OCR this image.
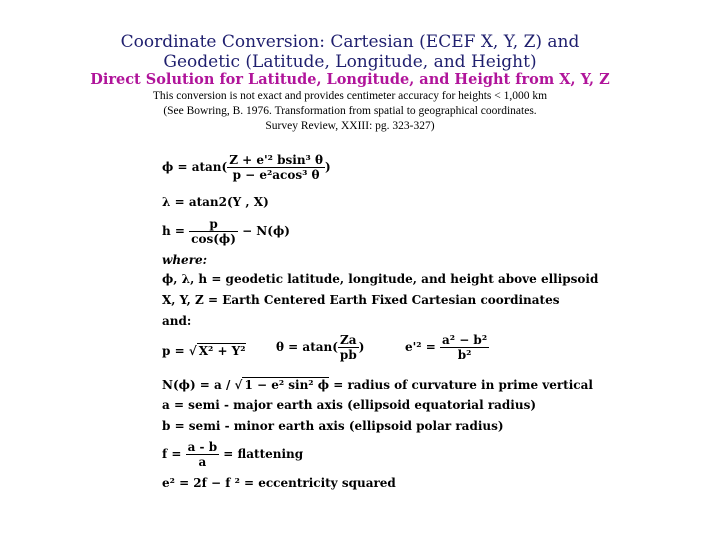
Coordinate Conversion: Cartesian (ECEF X, Y, Z) and
Geodetic (Latitude, Longitude, and Height)
Direct Solution for Latitude, Longitude, and Height from X, Y, Z
This conversion is not exact and provides centimeter accuracy for heights < 1,000 km
(See Bowring, B. 1976. Transformation from spatial to geographical coordinates.
Survey Review, XXIII: pg. 323-327)
$\phi = atan( \frac{\text{Z + e'² bsin³ θ}}{\text{p − e²acos³ θ}}$ )
λ = atan2(Y , X)
$h = \frac{p}{\cos(\phi)} - N(\phi)$
where:
ϕ, λ, h = geodetic latitude, longitude, and height above ellipsoid
X, Y, Z = Earth Centered Earth Fixed Cartesian coordinates
and:
p = √ X² + Y²	$\theta = atan( \frac{Za}{pb}$ )	$e'^2 = \frac{\text{a² − b²}}{\text{b²}}$
N(ϕ) = a / √ 1 − e² sin² ϕ = radius of curvature in prime vertical
a = semi - major earth axis (ellipsoid equatorial radius)
b = semi - minor earth axis (ellipsoid polar radius)
$f = \frac{a - b}{a}$ = flattening
e² = 2f − f ² = eccentricity squared
